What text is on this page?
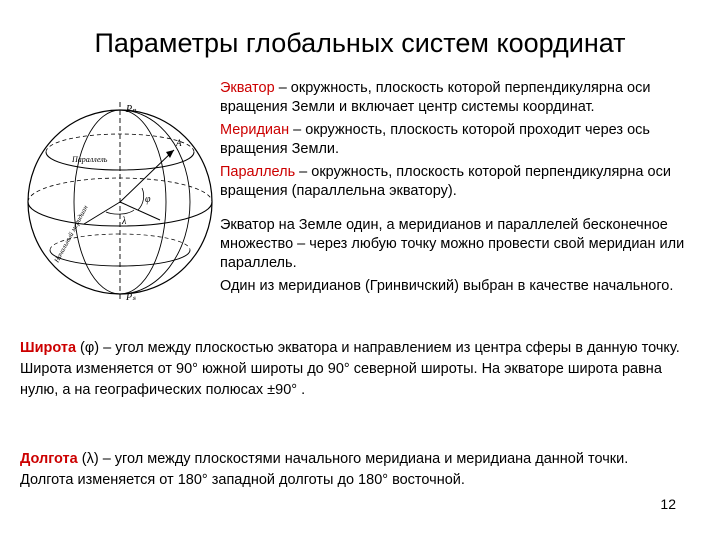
Параметры глобальных систем координат
Pₙ
Pₛ
Параллель
Начальный меридиан
φ
λ
A

Экватор – окружность, плоскость которой перпендикулярна оси вращения Земли и включает центр системы координат.

Меридиан – окружность, плоскость которой проходит через ось вращения Земли.

Параллель – окружность, плоскость которой перпендикулярна оси вращения (параллельна экватору).

Экватор на Земле один, а меридианов и параллелей бесконечное множество – через любую точку можно провести свой меридиан или параллель.

Один из меридианов (Гринвичский) выбран в качестве начального.

Широта (φ) – угол между плоскостью экватора и направлением из центра сферы в данную точку.

Широта изменяется от 90° южной широты до 90° северной широты. На экваторе широта равна нулю, а на географических полюсах ±90° .

Долгота (λ) – угол между плоскостями начального меридиана и меридиана данной точки.

Долгота изменяется от 180° западной долготы до 180° восточной.

12
